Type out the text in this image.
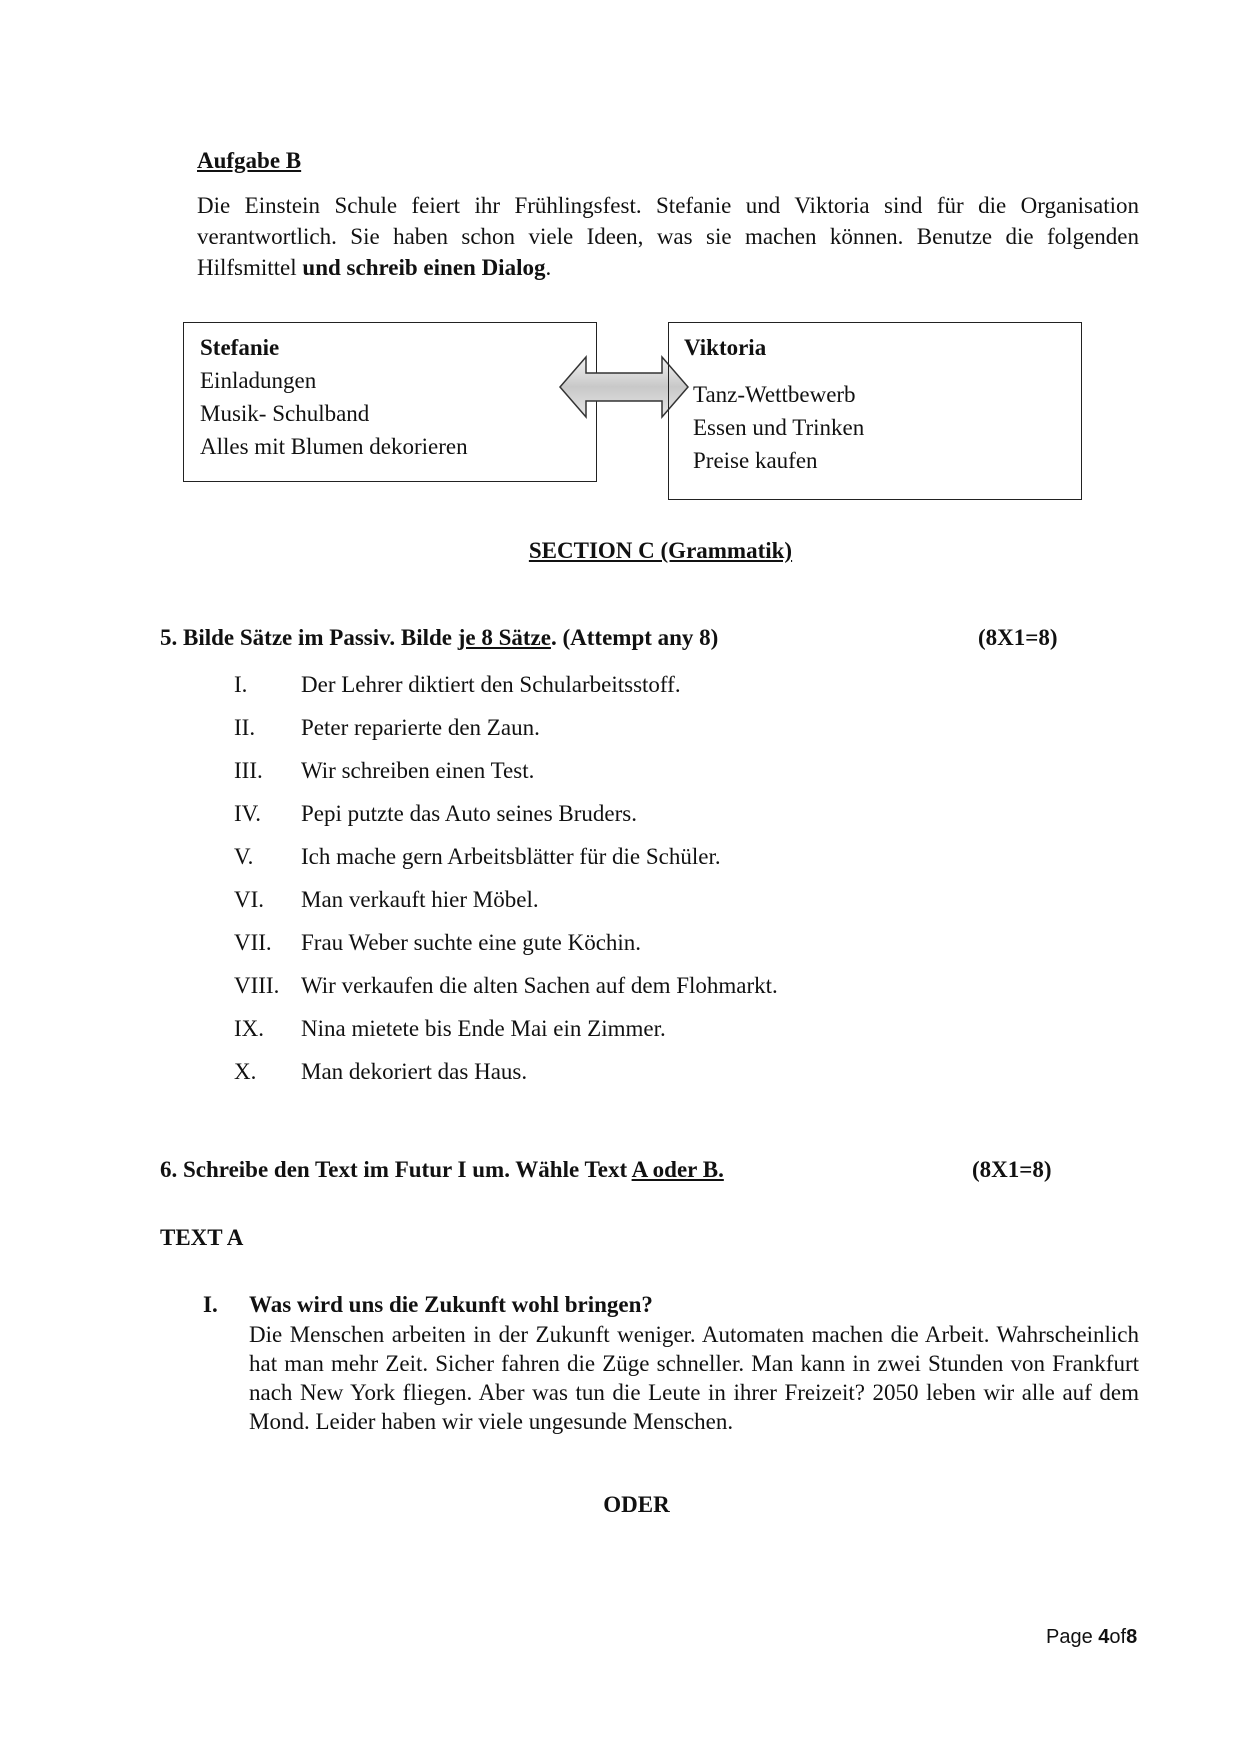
Aufgabe B
Die Einstein Schule feiert ihr Frühlingsfest. Stefanie und Viktoria sind für die Organisation verantwortlich. Sie haben schon viele Ideen, was sie machen können. Benutze die folgenden Hilfsmittel und schreib einen Dialog.
Stefanie
Einladungen
Musik- Schulband
Alles mit Blumen dekorieren
Viktoria
Tanz-Wettbewerb
Essen und Trinken
Preise kaufen
SECTION C (Grammatik)
5. Bilde Sätze im Passiv. Bilde je 8 Sätze. (Attempt any 8)	(8X1=8)
I.	Der Lehrer diktiert den Schularbeitsstoff.
II.	Peter reparierte den Zaun.
III.	Wir schreiben einen Test.
IV.	Pepi putzte das Auto seines Bruders.
V.	Ich mache gern Arbeitsblätter für die Schüler.
VI.	Man verkauft hier Möbel.
VII.	Frau Weber suchte eine gute Köchin.
VIII. Wir verkaufen die alten Sachen auf dem Flohmarkt.
IX.	Nina mietete bis Ende Mai ein Zimmer.
X.	Man dekoriert das Haus.
6. Schreibe den Text im Futur I um. Wähle Text A oder B.	(8X1=8)
TEXT A
I. Was wird uns die Zukunft wohl bringen?
Die Menschen arbeiten in der Zukunft weniger. Automaten machen die Arbeit. Wahrscheinlich hat man mehr Zeit. Sicher fahren die Züge schneller. Man kann in zwei Stunden von Frankfurt nach New York fliegen. Aber was tun die Leute in ihrer Freizeit? 2050 leben wir alle auf dem Mond. Leider haben wir viele ungesunde Menschen.
ODER
Page 4of8
